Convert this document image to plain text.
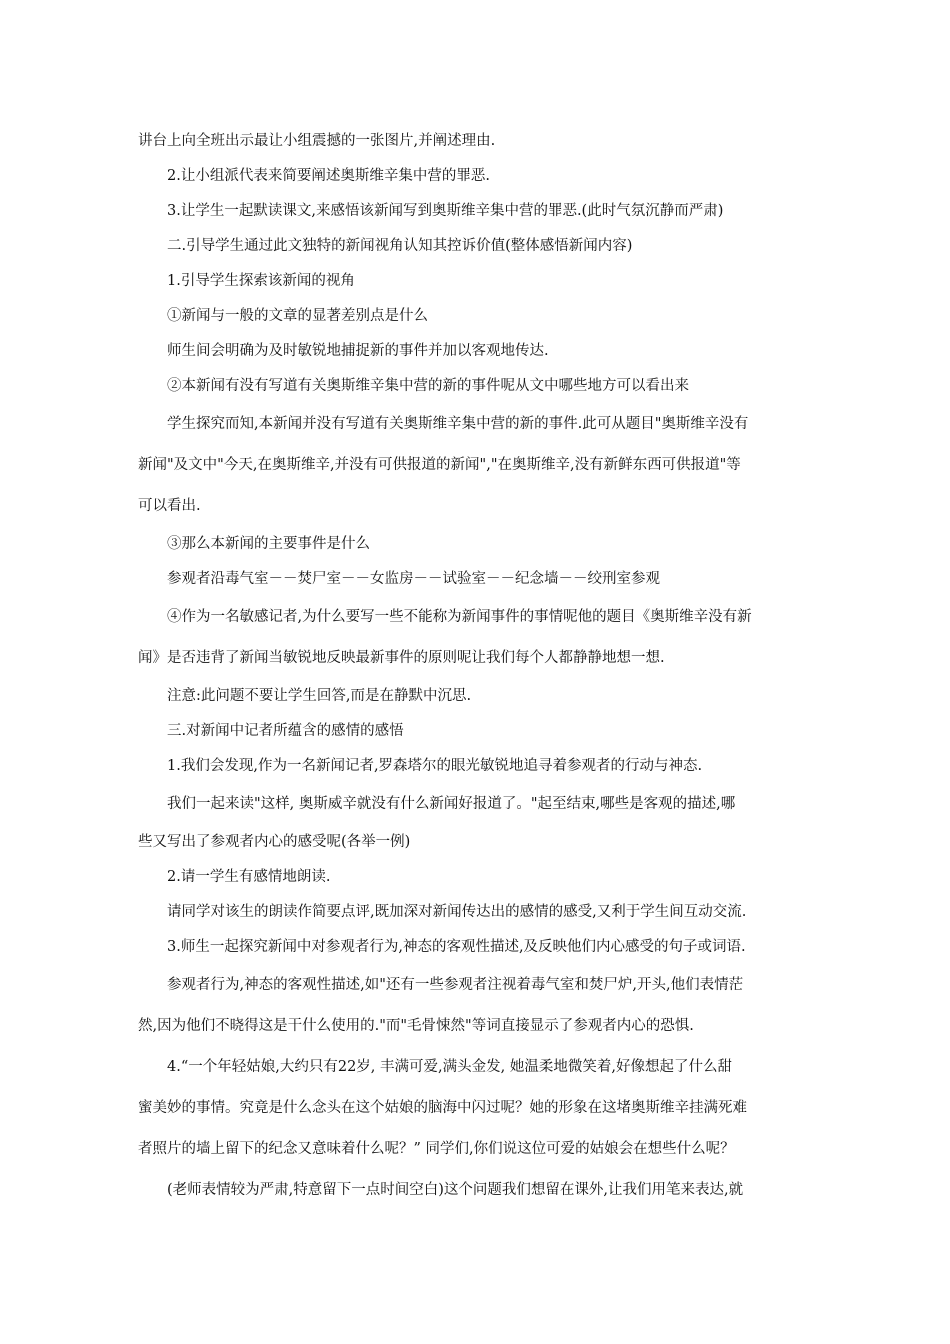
讲台上向全班出示最让小组震撼的一张图片,并阐述理由.
2.让小组派代表来简要阐述奥斯维辛集中营的罪恶.
3.让学生一起默读课文,来感悟该新闻写到奥斯维辛集中营的罪恶.(此时气氛沉静而严肃)
二.引导学生通过此文独特的新闻视角认知其控诉价值(整体感悟新闻内容)
1.引导学生探索该新闻的视角
①新闻与一般的文章的显著差别点是什么
师生间会明确为及时敏锐地捕捉新的事件并加以客观地传达.
②本新闻有没有写道有关奥斯维辛集中营的新的事件呢从文中哪些地方可以看出来
学生探究而知,本新闻并没有写道有关奥斯维辛集中营的新的事件.此可从题目"奥斯维辛没有
新闻"及文中"今天,在奥斯维辛,并没有可供报道的新闻","在奥斯维辛,没有新鲜东西可供报道"等
可以看出.
③那么本新闻的主要事件是什么
参观者沿毒气室－－焚尸室－－女监房－－试验室－－纪念墙－－绞刑室参观
④作为一名敏感记者,为什么要写一些不能称为新闻事件的事情呢他的题目《奥斯维辛没有新
闻》是否违背了新闻当敏锐地反映最新事件的原则呢让我们每个人都静静地想一想.
注意:此问题不要让学生回答,而是在静默中沉思.
三.对新闻中记者所蕴含的感情的感悟
1.我们会发现,作为一名新闻记者,罗森塔尔的眼光敏锐地追寻着参观者的行动与神态.
我们一起来读"这样, 奥斯威辛就没有什么新闻好报道了。"起至结束,哪些是客观的描述,哪
些又写出了参观者内心的感受呢(各举一例)
2.请一学生有感情地朗读.
请同学对该生的朗读作简要点评,既加深对新闻传达出的感情的感受,又利于学生间互动交流.
3.师生一起探究新闻中对参观者行为,神态的客观性描述,及反映他们内心感受的句子或词语.
参观者行为,神态的客观性描述,如"还有一些参观者注视着毒气室和焚尸炉,开头,他们表情茫
然,因为他们不晓得这是干什么使用的."而"毛骨悚然"等词直接显示了参观者内心的恐惧.
4.“一个年轻姑娘,大约只有22岁, 丰满可爱,满头金发, 她温柔地微笑着,好像想起了什么甜
蜜美妙的事情。究竟是什么念头在这个姑娘的脑海中闪过呢？她的形象在这堵奥斯维辛挂满死难
者照片的墙上留下的纪念又意味着什么呢？” 同学们,你们说这位可爱的姑娘会在想些什么呢？
(老师表情较为严肃,特意留下一点时间空白)这个问题我们想留在课外,让我们用笔来表达,就
